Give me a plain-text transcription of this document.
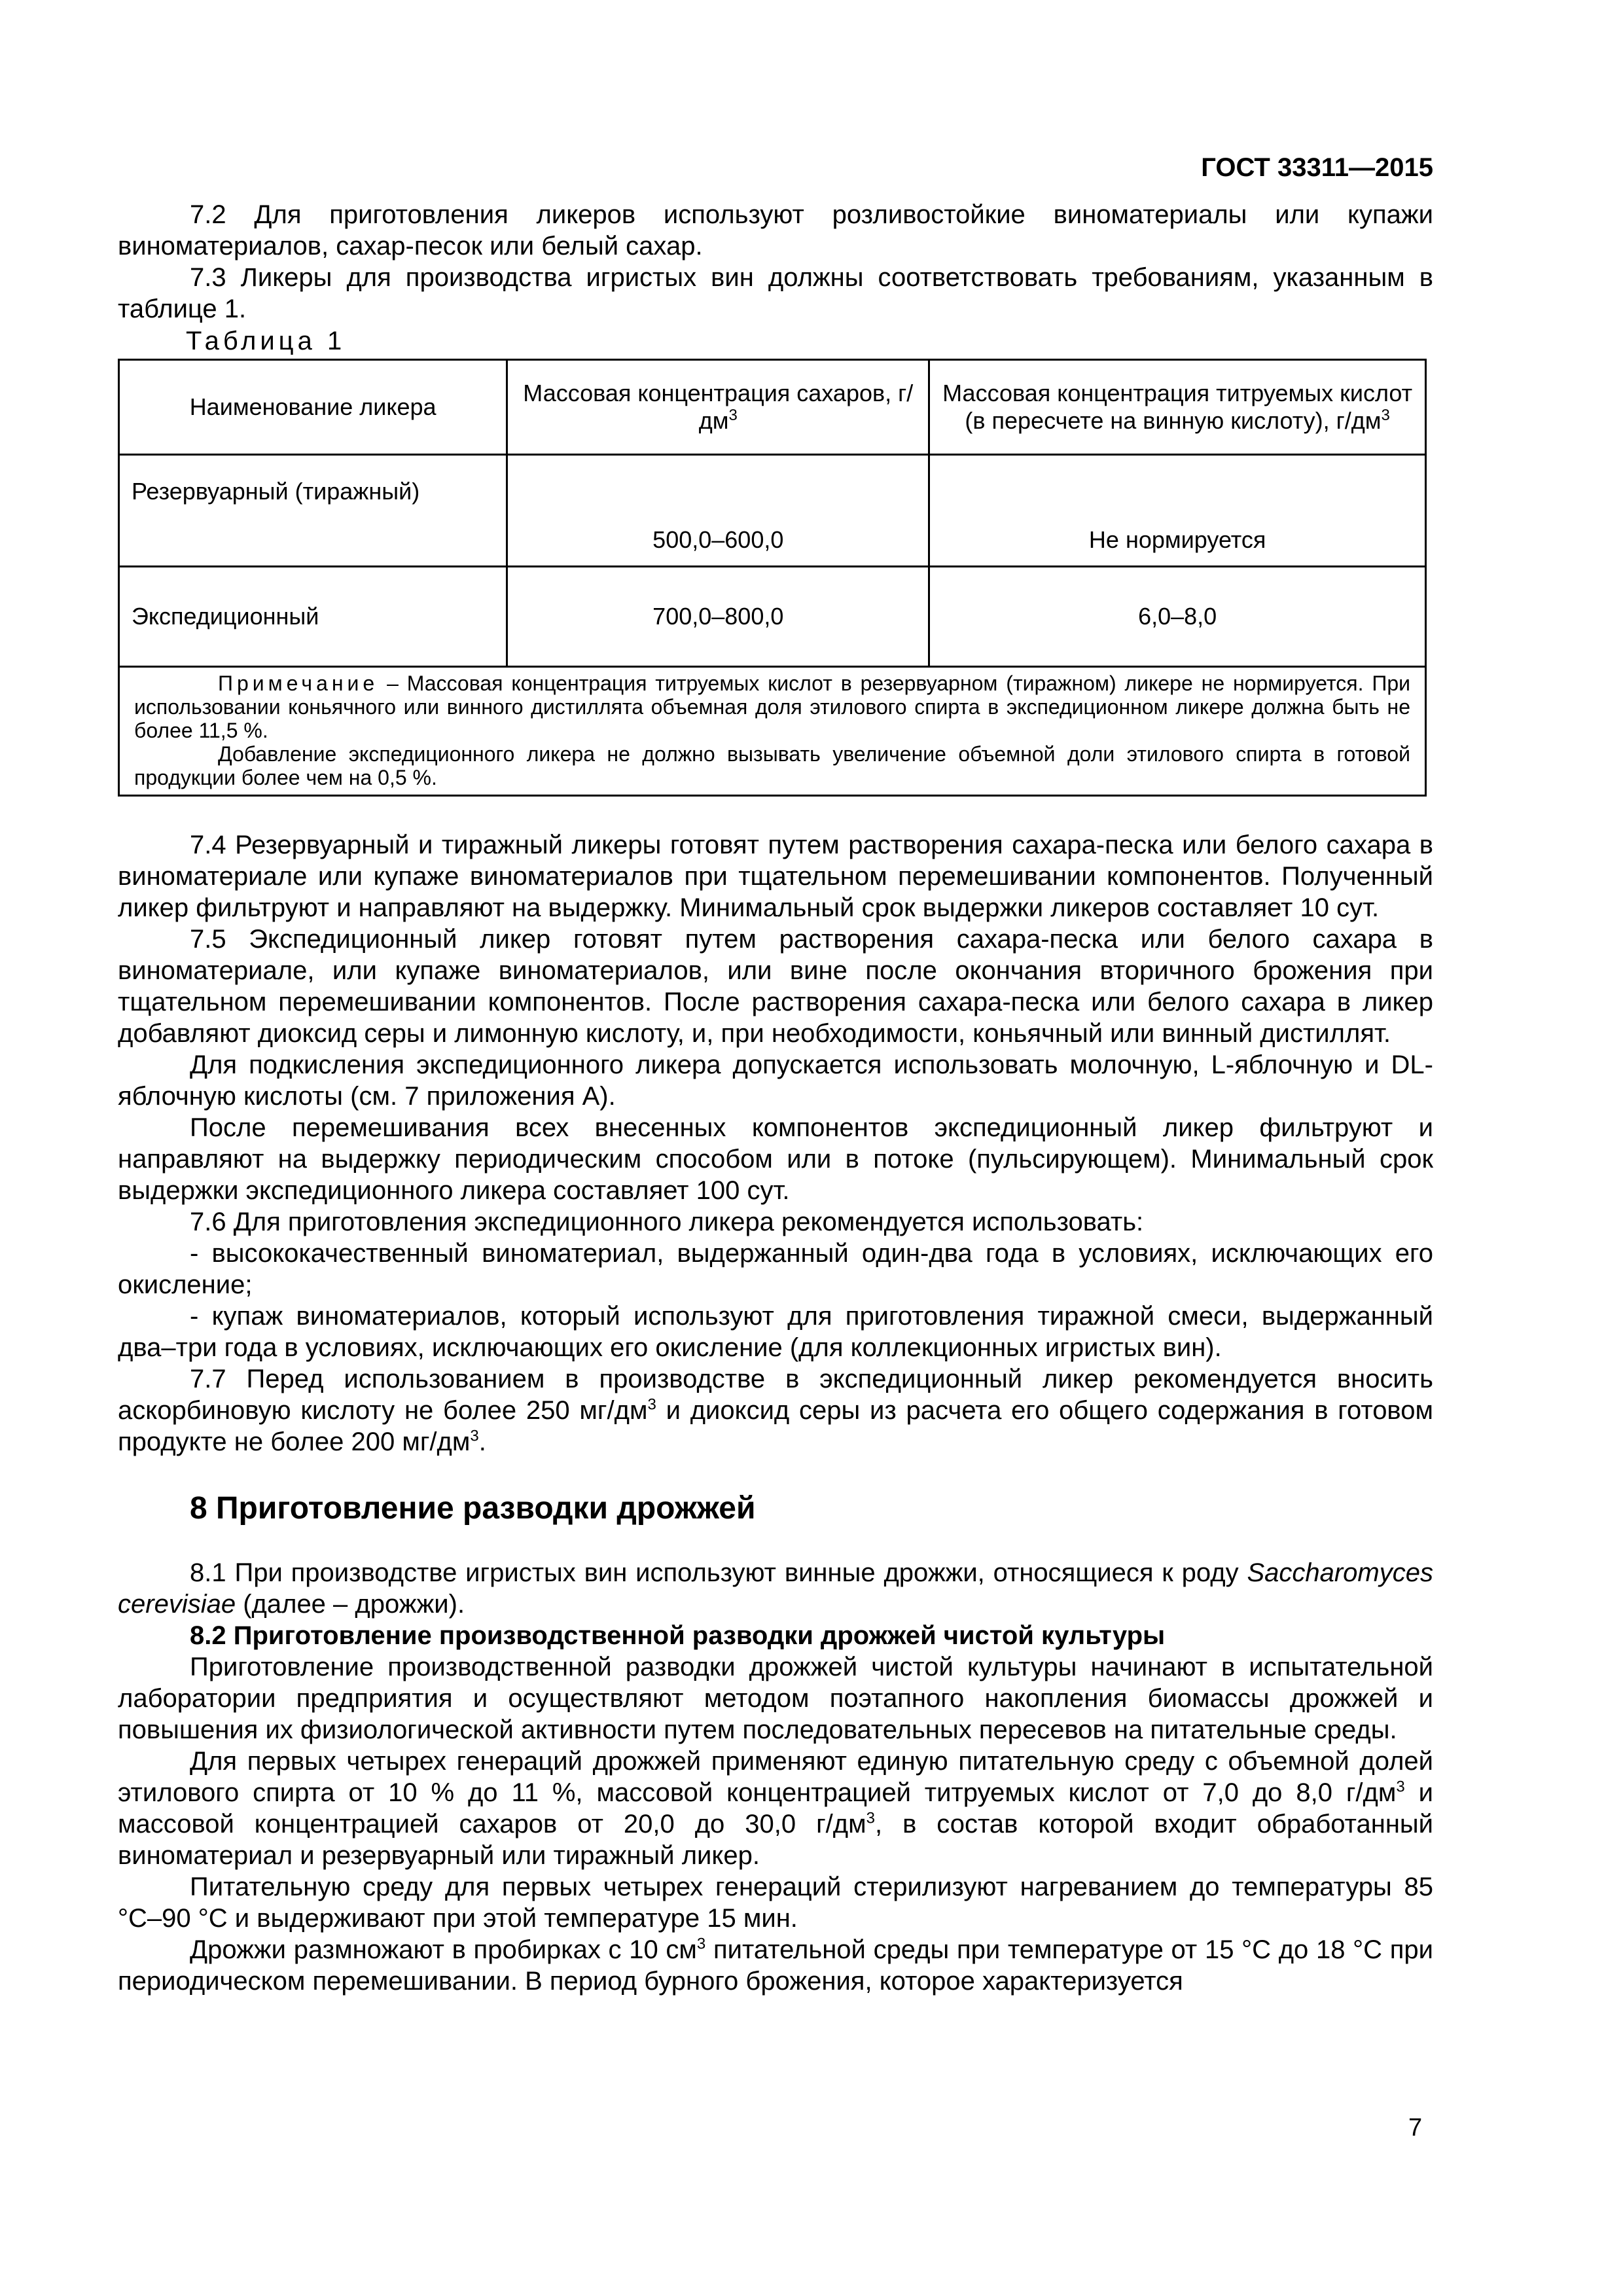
ГОСТ 33311—2015

7.2 Для приготовления ликеров используют розливостойкие виноматериалы или купажи виноматериалов, сахар-песок или белый сахар.

7.3 Ликеры для производства игристых вин должны соответствовать требованиям, указанным в таблице 1.

Таблица 1
Наименование ликера	Массовая концентрация сахаров, $г/дм^3$	Массовая концентрация титруемых кислот (в пересчете на винную кислоту), $г/дм^3$
Резервуарный (тиражный)	500,0–600,0	Не нормируется
Экспедиционный	700,0–800,0	6,0–8,0

Примечание – Массовая концентрация титруемых кислот в резервуарном (тиражном) ликере не нормируется. При использовании коньячного или винного дистиллята объемная доля этилового спирта в экспедиционном ликере должна быть не более 11,5 %.

Добавление экспедиционного ликера не должно вызывать увеличение объемной доли этилового спирта в готовой продукции более чем на 0,5 %.		

7.4 Резервуарный и тиражный ликеры готовят путем растворения сахара-песка или белого сахара в виноматериале или купаже виноматериалов при тщательном перемешивании компонентов. Полученный ликер фильтруют и направляют на выдержку. Минимальный срок выдержки ликеров составляет 10 сут.

7.5 Экспедиционный ликер готовят путем растворения сахара-песка или белого сахара в виноматериале, или купаже виноматериалов, или вине после окончания вторичного брожения при тщательном перемешивании компонентов. После растворения сахара-песка или белого сахара в ликер добавляют диоксид серы и лимонную кислоту, и, при необходимости, коньячный или винный дистиллят.

Для подкисления экспедиционного ликера допускается использовать молочную, L-яблочную и DL-яблочную кислоты (см. 7 приложения А).

После перемешивания всех внесенных компонентов экспедиционный ликер фильтруют и направляют на выдержку периодическим способом или в потоке (пульсирующем). Минимальный срок выдержки экспедиционного ликера составляет 100 сут.

7.6 Для приготовления экспедиционного ликера рекомендуется использовать:

- высококачественный виноматериал, выдержанный один-два года в условиях, исключающих его окисление;

- купаж виноматериалов, который используют для приготовления тиражной смеси, выдержанный два–три года в условиях, исключающих его окисление (для коллекционных игристых вин).

7.7 Перед использованием в производстве в экспедиционный ликер рекомендуется вносить аскорбиновую кислоту не более 250 $мг/дм^3$ и диоксид серы из расчета его общего содержания в готовом продукте не более 200 $мг/дм^3$.

8 Приготовление разводки дрожжей

8.1 При производстве игристых вин используют винные дрожжи, относящиеся к роду Saccharomyces cerevisiae (далее – дрожжи).

8.2 Приготовление производственной разводки дрожжей чистой культуры

Приготовление производственной разводки дрожжей чистой культуры начинают в испытательной лаборатории предприятия и осуществляют методом поэтапного накопления биомассы дрожжей и повышения их физиологической активности путем последовательных пересевов на питательные среды.

Для первых четырех генераций дрожжей применяют единую питательную среду с объемной долей этилового спирта от 10 % до 11 %, массовой концентрацией титруемых кислот от 7,0 до 8,0 $г/дм^3$ и массовой концентрацией сахаров от 20,0 до 30,0 $г/дм^3$, в состав которой входит обработанный виноматериал и резервуарный или тиражный ликер.

Питательную среду для первых четырех генераций стерилизуют нагреванием до температуры 85 °С–90 °С и выдерживают при этой температуре 15 мин.

Дрожжи размножают в пробирках с 10 $см^3$ питательной среды при температуре от 15 °С до 18 °С при периодическом перемешивании. В период бурного брожения, которое характеризуется

7
